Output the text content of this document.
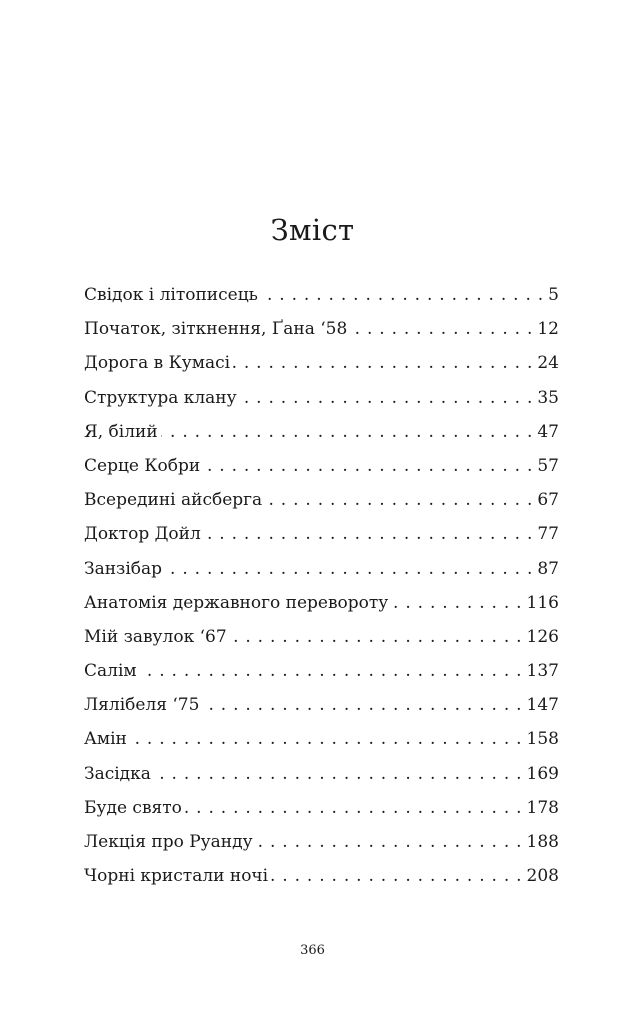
Зміст
Свідок і літописець . . .	5
Початок, зіткнення, Ґана ‘58 . . .	12
Дорога в Кумасі . . .	24
Структура клану . . .	35
Я, білий . . .	47
Серце Кобри . . .	57
Всередині айсберга . . .	67
Доктор Дойл . . .	77
Занзібар . . .	87
Анатомія державного перевороту . . .	116
Мій завулок ‘67 . . .	126
Салім . . .	137
Лялібеля ‘75 . . .	147
Амін . . .	158
Засідка . . .	169
Буде свято . . .	178
Лекція про Руанду . . .	188
Чорні кристали ночі . . .	208
366
